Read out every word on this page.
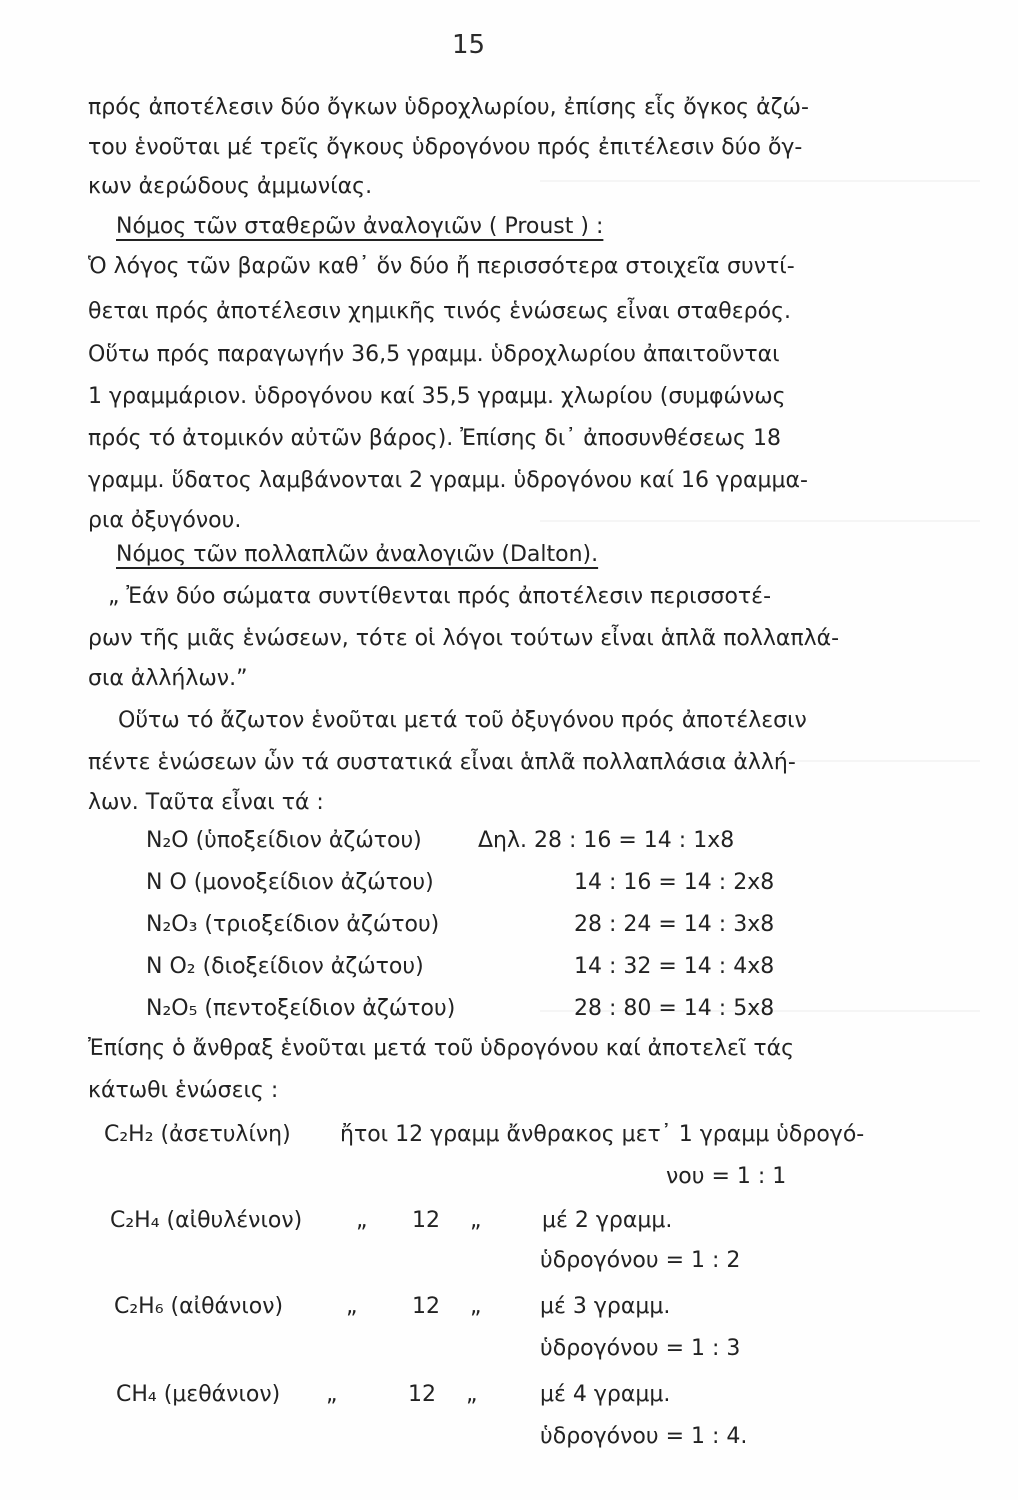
15
πρός ἀποτέλεσιν δύο ὄγκων ὑδροχλωρίου, ἐπίσης εἷς ὄγκος ἀζώ-
του ἑνοῦται μέ τρεῖς ὄγκους ὑδρογόνου πρός ἐπιτέλεσιν δύο ὄγ-
κων ἀερώδους ἀμμωνίας.
Νόμος τῶν σταθερῶν ἀναλογιῶν ( Proust ) :
Ὁ λόγος τῶν βαρῶν καθ᾽ ὅν δύο ἤ περισσότερα στοιχεῖα συντί-
θεται πρός ἀποτέλεσιν χημικῆς τινός ἑνώσεως εἶναι σταθερός.
Οὕτω πρός παραγωγήν 36,5 γραμμ. ὑδροχλωρίου ἀπαιτοῦνται
1 γραμμάριον. ὑδρογόνου καί 35,5 γραμμ. χλωρίου (συμφώνως
πρός τό ἀτομικόν αὐτῶν βάρος). Ἐπίσης δι᾽ ἀποσυνθέσεως 18
γραμμ. ὕδατος λαμβάνονται 2 γραμμ. ὑδρογόνου καί 16 γραμμα-
ρια ὀξυγόνου.
Νόμος τῶν πολλαπλῶν ἀναλογιῶν (Dalton).
„ Ἐάν δύο σώματα συντίθενται πρός ἀποτέλεσιν περισσοτέ-
ρων τῆς μιᾶς ἑνώσεων, τότε οἱ λόγοι τούτων εἶναι ἁπλᾶ πολλαπλά-
σια ἀλλήλων.”
Οὕτω τό ἄζωτον ἑνοῦται μετά τοῦ ὀξυγόνου πρός ἀποτέλεσιν
πέντε ἑνώσεων ὧν τά συστατικά εἶναι ἁπλᾶ πολλαπλάσια ἀλλή-
λων. Ταῦτα εἶναι τά :
N₂O (ὑποξείδιον ἀζώτου)	Δηλ. 28 : 16 = 14 : 1x8
N O (μονοξείδιον ἀζώτου)	14 : 16 = 14 : 2x8
N₂O₃ (τριοξείδιον ἀζώτου)	28 : 24 = 14 : 3x8
N O₂ (διοξείδιον ἀζώτου)	14 : 32 = 14 : 4x8
N₂O₅ (πεντοξείδιον ἀζώτου)	28 : 80 = 14 : 5x8
Ἐπίσης ὁ ἄνθραξ ἑνοῦται μετά τοῦ ὑδρογόνου καί ἀποτελεῖ τάς
κάτωθι ἑνώσεις :
C₂H₂ (ἀσετυλίνη) ἤτοι 12 γραμμ ἄνθρακος μετ᾽ 1 γραμμ ὑδρογό-
νου = 1 : 1
C₂H₄ (αἰθυλένιον) „ 12 „	μέ 2 γραμμ.
ὑδρογόνου = 1 : 2
C₂H₆ (αἰθάνιον)	„ 12 „	μέ 3 γραμμ.
ὑδρογόνου = 1 : 3
CH₄ (μεθάνιον) „	12 „	μέ 4 γραμμ.
ὑδρογόνου = 1 : 4.
